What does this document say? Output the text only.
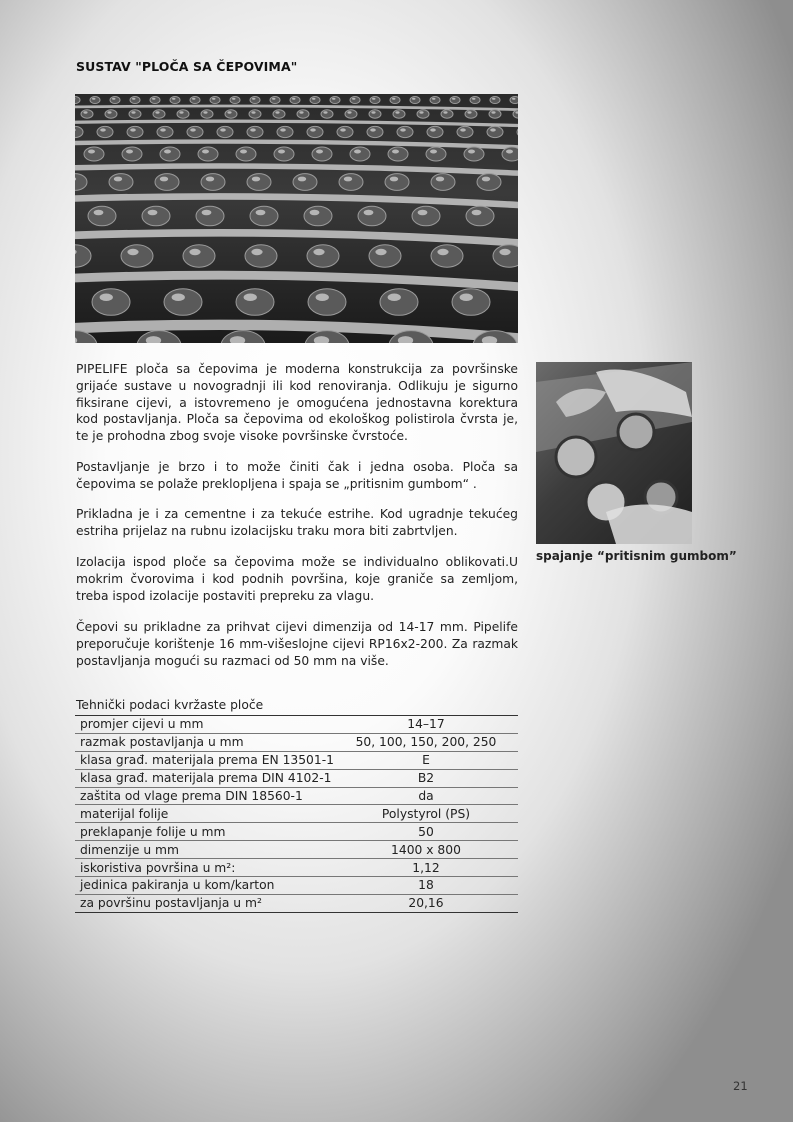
SUSTAV "PLOČA SA ČEPOVIMA"

PIPELIFE ploča sa čepovima je moderna konstrukcija za površinske grijaće sustave u novogradnji ili kod renoviranja. Odlikuju je sigurno fiksirane cijevi, a istovremeno je omogućena jednostavna korektura kod postavljanja. Ploča sa čepovima od ekološkog polistirola čvrsta je, te je prohodna zbog svoje visoke površinske čvrstoće.

Postavljanje je brzo i to može činiti čak i jedna osoba. Ploča sa čepovima se polaže preklopljena i spaja se „pritisnim gumbom“ .

Prikladna je i za cementne i za tekuće estrihe. Kod ugradnje tekućeg estriha prijelaz na rubnu izolacijsku traku mora biti zabrtvljen.

Izolacija ispod ploče sa čepovima može se individualno oblikovati.U mokrim čvorovima i kod podnih površina, koje graniče sa zemljom, treba ispod izolacije postaviti prepreku za vlagu.

Čepovi su prikladne za prihvat cijevi dimenzija od 14-17 mm. Pipelife preporučuje korištenje 16 mm-višeslojne cijevi RP16x2-200. Za razmak postavljanja mogući su razmaci od 50 mm na više.

spajanje “pritisnim gumbom”
Tehnički podaci kvržaste ploče
promjer cijevi u mm	14–17
razmak postavljanja u mm	50, 100, 150, 200, 250
klasa građ. materijala prema EN 13501-1	E
klasa građ. materijala prema DIN 4102-1	B2
zaštita od vlage prema DIN 18560-1	da
materijal folije	Polystyrol (PS)
preklapanje folije u mm	50
dimenzije u mm	1400 x 800
iskoristiva površina u m²:	1,12
jedinica pakiranja u kom/karton	18
za površinu postavljanja u m²	20,16
21
